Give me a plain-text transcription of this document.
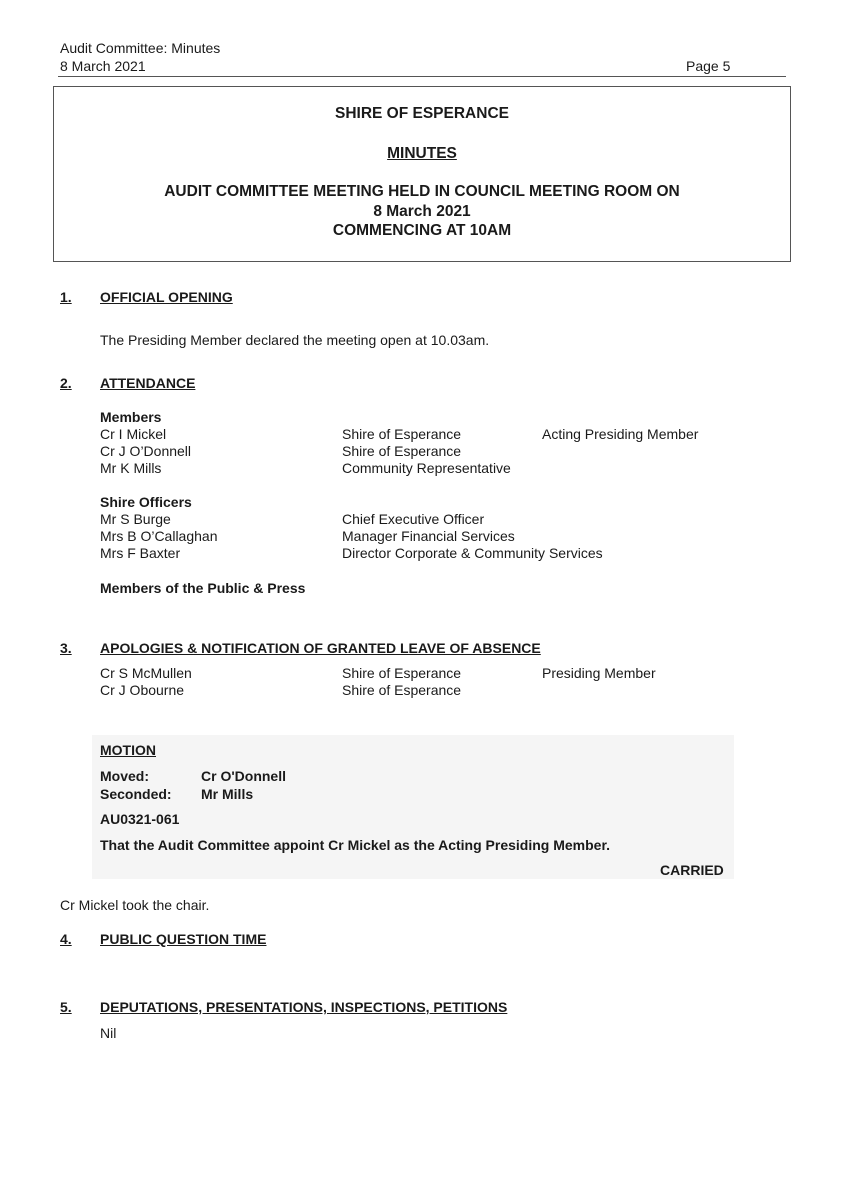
Audit Committee: Minutes
8 March 2021	Page 5
SHIRE OF ESPERANCE
MINUTES
AUDIT COMMITTEE MEETING HELD IN COUNCIL MEETING ROOM ON
8 March 2021
COMMENCING AT 10AM
1. OFFICIAL OPENING
The Presiding Member declared the meeting open at 10.03am.
2. ATTENDANCE
Members
Cr I Mickel	Shire of Esperance	Acting Presiding Member
Cr J O’Donnell	Shire of Esperance
Mr K Mills	Community Representative
Shire Officers
Mr S Burge	Chief Executive Officer
Mrs B O’Callaghan	Manager Financial Services
Mrs F Baxter	Director Corporate & Community Services
Members of the Public & Press
3. APOLOGIES & NOTIFICATION OF GRANTED LEAVE OF ABSENCE
Cr S McMullen	Shire of Esperance	Presiding Member
Cr J Obourne	Shire of Esperance
MOTION
Moved:	Cr O'Donnell
Seconded: Mr Mills
AU0321-061
That the Audit Committee appoint Cr Mickel as the Acting Presiding Member.
CARRIED
Cr Mickel took the chair.
4. PUBLIC QUESTION TIME
5. DEPUTATIONS, PRESENTATIONS, INSPECTIONS, PETITIONS
Nil
